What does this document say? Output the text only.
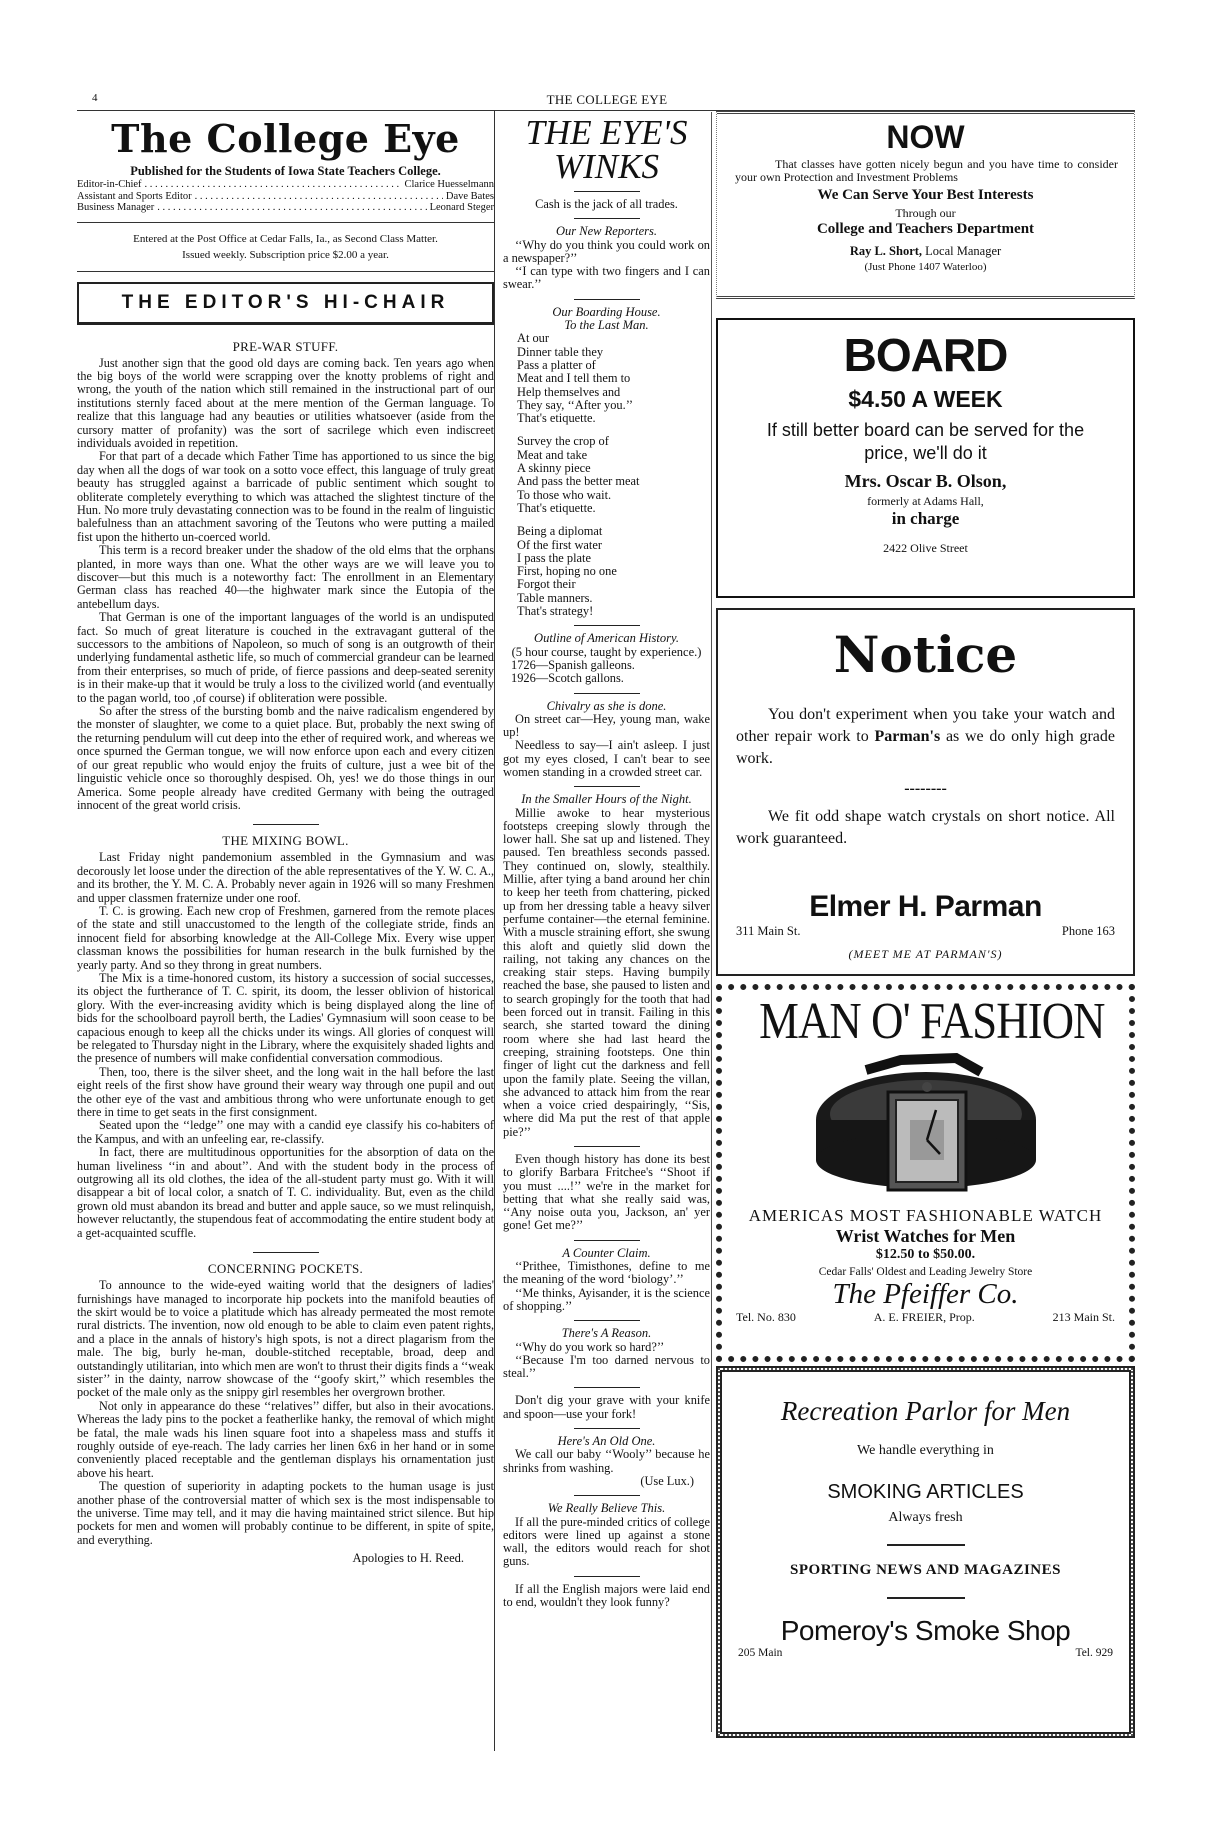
4	THE COLLEGE EYE
The College Eye
Published for the Students of Iowa State Teachers College.
Editor-in-Chief . . .	Clarice Huesselmann
Assistant and Sports Editor . . .	Dave Bates
Business Manager . . .	Leonard Steger
Entered at the Post Office at Cedar Falls, Ia., as Second Class Matter.
Issued weekly. Subscription price $2.00 a year.
THE EDITOR'S HI-CHAIR
PRE-WAR STUFF.

Just another sign that the good old days are coming back. Ten years ago when the big boys of the world were scrapping over the knotty problems of right and wrong, the youth of the nation which still remained in the instructional part of our institutions sternly faced about at the mere mention of the German language. To realize that this language had any beauties or utilities whatsoever (aside from the cursory matter of profanity) was the sort of sacrilege which even indiscreet individuals avoided in repetition.

For that part of a decade which Father Time has apportioned to us since the big day when all the dogs of war took on a sotto voce effect, this language of truly great beauty has struggled against a barricade of public sentiment which sought to obliterate completely everything to which was attached the slightest tincture of the Hun. No more truly devastating connection was to be found in the realm of linguistic balefulness than an attachment savoring of the Teutons who were putting a mailed fist upon the hitherto un-coerced world.

This term is a record breaker under the shadow of the old elms that the orphans planted, in more ways than one. What the other ways are we will leave you to discover—but this much is a noteworthy fact: The enrollment in an Elementary German class has reached 40—the highwater mark since the Eutopia of the antebellum days.

That German is one of the important languages of the world is an undisputed fact. So much of great literature is couched in the extravagant gutteral of the successors to the ambitions of Napoleon, so much of song is an outgrowth of their underlying fundamental asthetic life, so much of commercial grandeur can be learned from their enterprises, so much of pride, of fierce passions and deep-seated serenity is in their make-up that it would be truly a loss to the civilized world (and eventually to the pagan world, too ,of course) if obliteration were possible.

So after the stress of the bursting bomb and the naive radicalism engendered by the monster of slaughter, we come to a quiet place. But, probably the next swing of the returning pendulum will cut deep into the ether of required work, and whereas we once spurned the German tongue, we will now enforce upon each and every citizen of our great republic who would enjoy the fruits of culture, just a wee bit of the linguistic vehicle once so thoroughly despised. Oh, yes! we do those things in our America. Some people already have credited Germany with being the outraged innocent of the great world crisis.

THE MIXING BOWL.

Last Friday night pandemonium assembled in the Gymnasium and was decorously let loose under the direction of the able representatives of the Y. W. C. A., and its brother, the Y. M. C. A. Probably never again in 1926 will so many Freshmen and upper classmen fraternize under one roof.

T. C. is growing. Each new crop of Freshmen, garnered from the remote places of the state and still unaccustomed to the length of the collegiate stride, finds an innocent field for absorbing knowledge at the All-College Mix. Every wise upper classman knows the possibilities for human research in the bulk furnished by the yearly party. And so they throng in great numbers.

The Mix is a time-honored custom, its history a succession of social successes, its object the furtherance of T. C. spirit, its doom, the lesser oblivion of historical glory. With the ever-increasing avidity which is being displayed along the line of bids for the schoolboard payroll berth, the Ladies' Gymnasium will soon cease to be capacious enough to keep all the chicks under its wings. All glories of conquest will be relegated to Thursday night in the Library, where the exquisitely shaded lights and the presence of numbers will make confidential conversation commodious.

Then, too, there is the silver sheet, and the long wait in the hall before the last eight reels of the first show have ground their weary way through one pupil and out the other eye of the vast and ambitious throng who were unfortunate enough to get there in time to get seats in the first consignment.

Seated upon the ‘‘ledge’’ one may with a candid eye classify his co-habiters of the Kampus, and with an unfeeling ear, re-classify.

In fact, there are multitudinous opportunities for the absorption of data on the human liveliness ‘‘in and about’’. And with the student body in the process of outgrowing all its old clothes, the idea of the all-student party must go. With it will disappear a bit of local color, a snatch of T. C. individuality. But, even as the child grown old must abandon its bread and butter and apple sauce, so we must relinquish, however reluctantly, the stupendous feat of accommodating the entire student body at a get-acquainted scuffle.

CONCERNING POCKETS.

To announce to the wide-eyed waiting world that the designers of ladies' furnishings have managed to incorporate hip pockets into the manifold beauties of the skirt would be to voice a platitude which has already permeated the most remote rural districts. The invention, now old enough to be able to claim even patent rights, and a place in the annals of history's high spots, is not a direct plagarism from the male. The big, burly he-man, double-stitched receptable, broad, deep and outstandingly utilitarian, into which men are won't to thrust their digits finds a ‘‘weak sister’’ in the dainty, narrow showcase of the ‘‘goofy skirt,’’ which resembles the pocket of the male only as the snippy girl resembles her overgrown brother.

Not only in appearance do these ‘‘relatives’’ differ, but also in their avocations. Whereas the lady pins to the pocket a featherlike hanky, the removal of which might be fatal, the male wads his linen square foot into a shapeless mass and stuffs it roughly outside of eye-reach. The lady carries her linen 6x6 in her hand or in some conveniently placed receptable and the gentleman displays his ornamentation just above his heart.

The question of superiority in adapting pockets to the human usage is just another phase of the controversial matter of which sex is the most indispensable to the universe. Time may tell, and it may die having maintained strict silence. But hip pockets for men and women will probably continue to be different, in spite of spite, and everything.

Apologies to H. Reed.
THE EYE'S
WINKS

Cash is the jack of all trades.

Our New Reporters.

‘‘Why do you think you could work on a newspaper?’’

‘‘I can type with two fingers and I can swear.’’

Our Boarding House.
To the Last Man.
At our
Dinner table they
Pass a platter of
Meat and I tell them to
Help themselves and
They say, ‘‘After you.’’
That's etiquette.
Survey the crop of
Meat and take
A skinny piece
And pass the better meat
To those who wait.
That's etiquette.
Being a diplomat
Of the first water
I pass the plate
First, hoping no one
Forgot their
Table manners.
That's strategy!
Outline of American History.
(5 hour course, taught by experience.)
1726—Spanish galleons.
1926—Scotch gallons.
Chivalry as she is done.

On street car—Hey, young man, wake up!

Needless to say—I ain't asleep. I just got my eyes closed, I can't bear to see women standing in a crowded street car.

In the Smaller Hours of the Night.

Millie awoke to hear mysterious footsteps creeping slowly through the lower hall. She sat up and listened. They paused. Ten breathless seconds passed. They continued on, slowly, stealthily. Millie, after tying a band around her chin to keep her teeth from chattering, picked up from her dressing table a heavy silver perfume container—the eternal feminine. With a muscle straining effort, she swung this aloft and quietly slid down the railing, not taking any chances on the creaking stair steps. Having bumpily reached the base, she paused to listen and to search gropingly for the tooth that had been forced out in transit. Failing in this search, she started toward the dining room where she had last heard the creeping, straining footsteps. One thin finger of light cut the darkness and fell upon the family plate. Seeing the villan, she advanced to attack him from the rear when a voice cried despairingly, ‘‘Sis, where did Ma put the rest of that apple pie?’’

Even though history has done its best to glorify Barbara Fritchee's ‘‘Shoot if you must ....!’’ we're in the market for betting that what she really said was, ‘‘Any noise outa you, Jackson, an' yer gone! Get me?’’

A Counter Claim.

‘‘Prithee, Timisthones, define to me the meaning of the word ‘biology’.’’

‘‘Me thinks, Ayisander, it is the science of shopping.’’

There's A Reason.

‘‘Why do you work so hard?’’

‘‘Because I'm too darned nervous to steal.’’

Don't dig your grave with your knife and spoon—use your fork!

Here's An Old One.

We call our baby ‘‘Wooly’’ because he shrinks from washing.

(Use Lux.)
We Really Believe This.

If all the pure-minded critics of college editors were lined up against a stone wall, the editors would reach for shot guns.

If all the English majors were laid end to end, wouldn't they look funny?

NOW
That classes have gotten nicely begun and you have time to consider your own Protection and Investment Problems
We Can Serve Your Best Interests
Through our
College and Teachers Department
Ray L. Short, Local Manager
(Just Phone 1407 Waterloo)
BOARD
$4.50 A WEEK
If still better board can be served for the price, we'll do it
Mrs. Oscar B. Olson,
formerly at Adams Hall,
in charge
2422 Olive Street
Notice

You don't experiment when you take your watch and other repair work to Parman's as we do only high grade work.

--------

We fit odd shape watch crystals on short notice. All work guaranteed.

Elmer H. Parman
311 Main St.	Phone 163
(MEET ME AT PARMAN'S)
MAN O' FASHION
AMERICAS MOST FASHIONABLE WATCH
Wrist Watches for Men
$12.50 to $50.00.
Cedar Falls' Oldest and Leading Jewelry Store
The Pfeiffer Co.
Tel. No. 830	A. E. FREIER, Prop.	213 Main St.
Recreation Parlor for Men
We handle everything in
SMOKING ARTICLES
Always fresh
SPORTING NEWS AND MAGAZINES
Pomeroy's Smoke Shop
205 Main	Tel. 929
